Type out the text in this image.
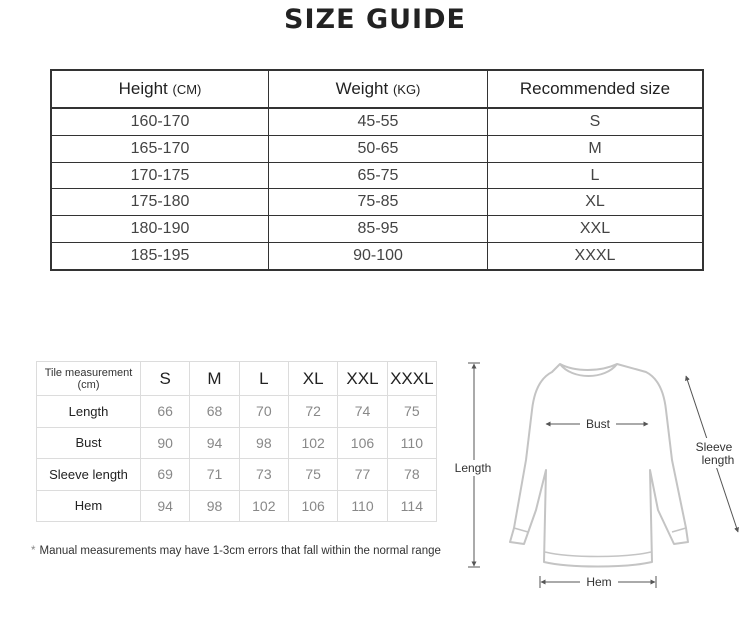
SIZE GUIDE
Height (CM)	Weight (KG)	Recommended size
160-170	45-55	S
165-170	50-65	M
170-175	65-75	L
175-180	75-85	XL
180-190	85-95	XXL
185-195	90-100	XXXL
Tile measurement
(cm)	S	M	L	XL	XXL	XXXL
Length	66	68	70	72	74	75
Bust	90	94	98	102	106	110
Sleeve length	69	71	73	75	77	78
Hem	94	98	102	106	110	114
* Manual measurements may have 1-3cm errors that fall within the normal range
Bust
Length
Sleeve
length
Hem
